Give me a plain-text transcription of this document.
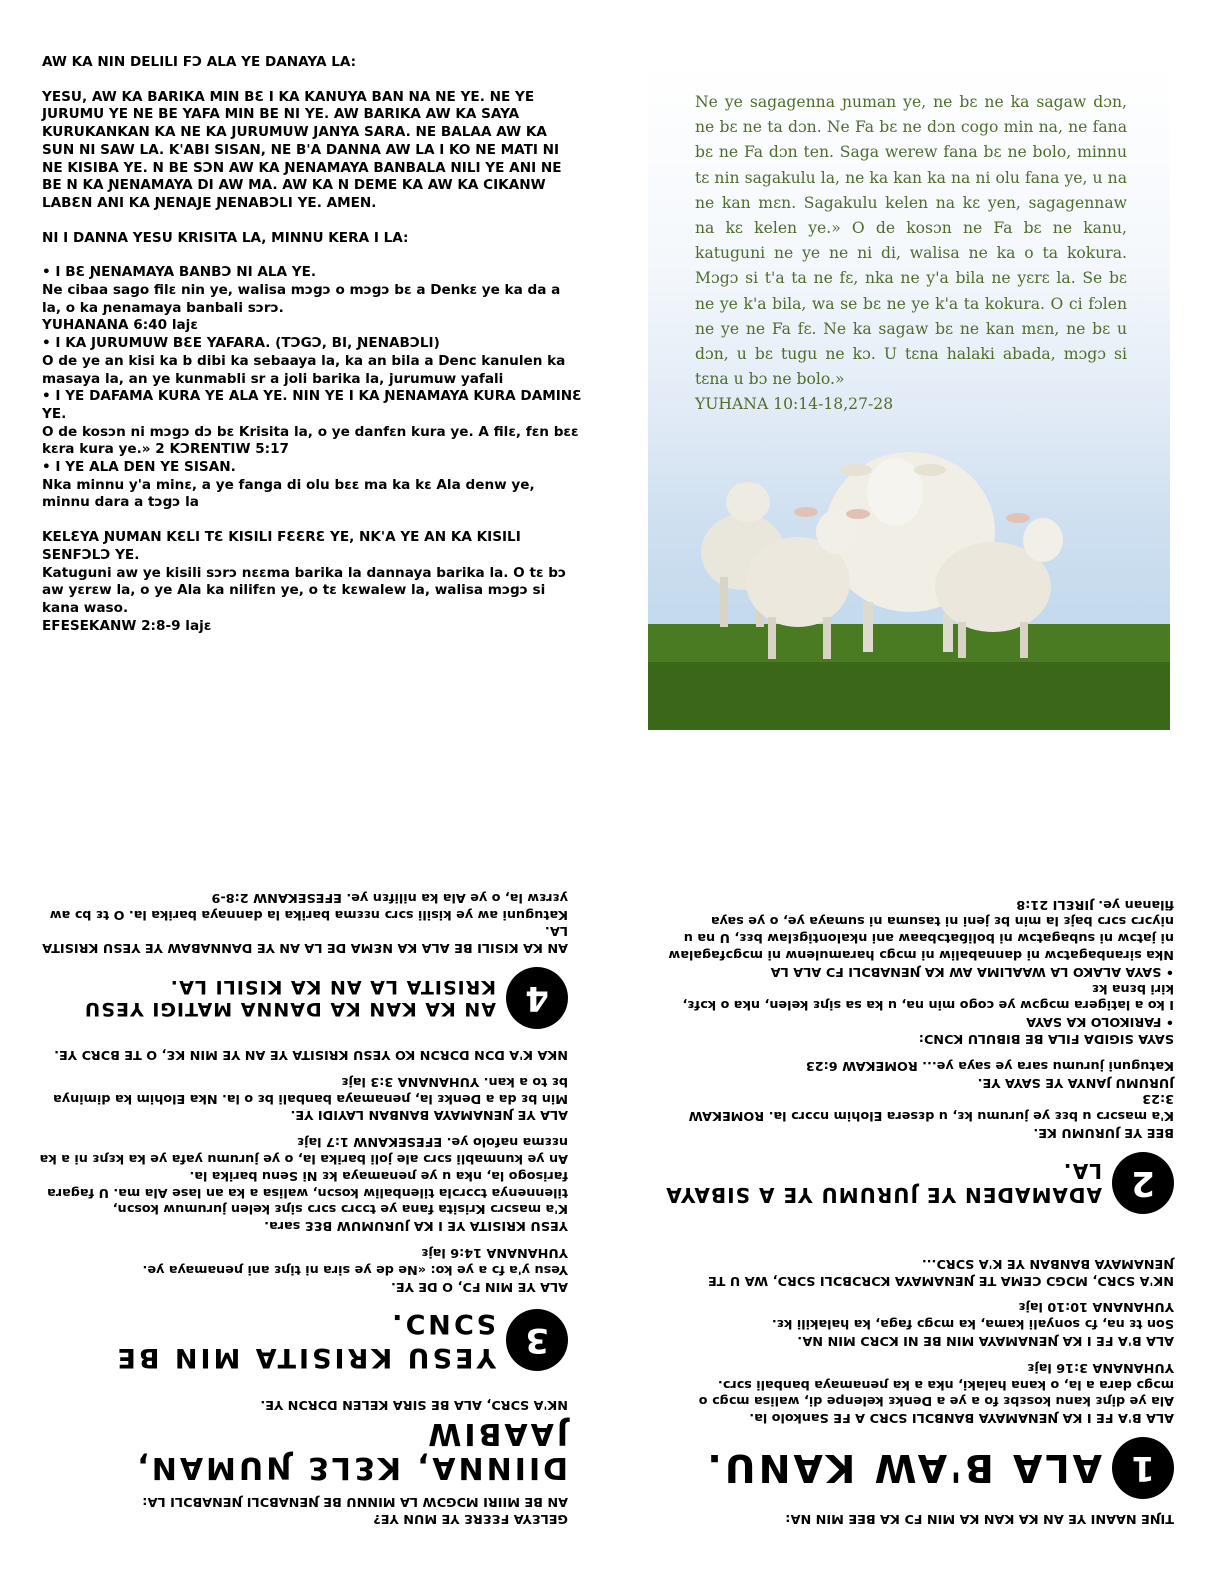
AW KA NIN DELILI FƆ ALA YE DANAYA LA:

YESU, AW KA BARIKA MIN BƐ I KA KANUYA BAN NA NE YE. NE YE JURUMU YE NE BE YAFA MIN BE NI YE. AW BARIKA AW KA SAYA KURUKANKAN KA NE KA JURUMUW JANYA SARA. NE BALAA AW KA SUN NI SAW LA. K'ABI SISAN, NE B'A DANNA AW LA I KO NE MATI NI NE KISIBA YE. N BE SƆN AW KA ƝENAMAYA BANBALA NILI YE ANI NE BE N KA ƝENAMAYA DI AW MA. AW KA N DEME KA AW KA CIKANW LABƐN ANI KA ƝENAJE ƝENABƆLI YE. AMEN.

NI I DANNA YESU KRISITA LA, MINNU KERA I LA:

• I BƐ ƝENAMAYA BANBƆ NI ALA YE.

Ne cibaa sago filɛ nin ye, walisa mɔgɔ o mɔgɔ bɛ a Denkɛ ye ka da a la, o ka ɲenamaya banbali sɔrɔ.

YUHANANA 6:40 lajɛ

• I KA JURUMUW BƐE YAFARA. (TƆGƆ, BI, ƝENABƆLI)

O de ye an kisi ka b dibi ka sebaaya la, ka an bila a Denc kanulen ka masaya la, an ye kunmabli sr a joli barika la, jurumuw yafali

• I YE DAFAMA KURA YE ALA YE. NIN YE I KA ƝENAMAYA KURA DAMINƐ YE.

O de kosɔn ni mɔgɔ dɔ bɛ Krisita la, o ye danfɛn kura ye. A filɛ, fɛn bɛɛ kɛra kura ye.» 2 KƆRENTIW 5:17

• I YE ALA DEN YE SISAN.

Nka minnu y'a minɛ, a ye fanga di olu bɛɛ ma ka kɛ Ala denw ye, minnu dara a tɔgɔ la

KELƐYA ƝUMAN KƐLI TƐ KISILI FƐƐRƐ YE, NK'A YE AN KA KISILI SENFƆLƆ YE.

Katuguni aw ye kisili sɔrɔ nɛɛma barika la dannaya barika la. O tɛ bɔ aw yɛrɛw la, o ye Ala ka nilifɛn ye, o tɛ kɛwalew la, walisa mɔgɔ si kana waso.

EFESEKANW 2:8-9 lajɛ

Ne ye sagagenna ɲuman ye, ne bɛ ne ka sagaw dɔn, ne bɛ ne ta dɔn. Ne Fa bɛ ne dɔn cogo min na, ne fana bɛ ne Fa dɔn ten. Saga werew fana bɛ ne bolo, minnu tɛ nin sagakulu la, ne ka kan ka na ni olu fana ye, u na ne kan mɛn. Sagakulu kelen na kɛ yen, sagagennaw na kɛ kelen ye.» O de kosɔn ne Fa bɛ ne kanu, katuguni ne ye ne ni di, walisa ne ka o ta kokura. Mɔgɔ si t'a ta ne fɛ, nka ne y'a bila ne yɛrɛ la. Se bɛ ne ye k'a bila, wa se bɛ ne ye k'a ta kokura. O ci fɔlen ne ye ne Fa fɛ. Ne ka sagaw bɛ ne kan mɛn, ne bɛ u dɔn, u bɛ tugu ne kɔ. U tɛna halaki abada, mɔgɔ si tɛna u bɔ ne bolo.»
YUHANA 10:14-18,27-28

GELƐYA FƐƐRƐ YE MUN YE?

AN BE MIIRI MƆGƆW LA MINNU BE ƝENABƆLI ƝENABƆLI LA:

DIINNA, KƐLƐ ƝUMAN, JAABIW

NK'A SƆRƆ, ALA BE SIRA KELEN DƆRƆN YE.

3
YESU KRISITA MIN BE SƆNƆ.

ALA YE MIN FƆ, O DE YE.

Yesu y'a fɔ a ye ko: «Ne de ye sira ni tiɲɛ ani ɲenamaya ye.

YUHANANA 14:6 lajɛ

YESU KRISITA YE I KA JURUMUW BƐƐ sara.

K'a masɔrɔ Krisita fana ye tɔɔrɔ sɔrɔ siɲɛ kelen jurumuw kosɔn, tilennenya tɔɔrɔla tilenbaliw kosɔn, walisa a ka an lase Ala ma. U fagara farisogo la, nka u ye ɲenamaya kɛ Ni Senu barika la.

An ye kunmabli sɔrɔ ale joli barika la, o ye jurumu yafa ye ka kɛɲɛ ni a ka nɛɛma nafolo ye. EFESEKANW 1:7 lajɛ

ALA YE ƝENAMAYA BANBAN LAYIDI YE.

Min bɛ da a Denkɛ la, ɲenamaya banbali bɛ o la. Nka Elohim ka diminya bɛ to a kan. YUHANANA 3:3 lajɛ

NKA K'A DƆN DƆRƆN KO YESU KRISITA YE AN YE MIN KƐ, O TE BƆRƆ YE.

4
AN KA KAN KA DANNA MATIGI YESU KRISITA LA AN KA KISILI LA.

AN KA KISILI BE ALA KA NƐMA DE LA AN YE DANNABAW YE YESU KRISITA LA.

Katuguni aw ye kisili sɔrɔ nɛɛma barika la dannaya barika la. O tɛ bɔ aw yɛrɛw la, o ye Ala ka nilifɛn ye. EFESEKANW 2:8-9

TIƝE NAANI YE AN KA KAN KA MIN FƆ KA BEE MIN NA:

1
ALA B'AW KANU.

ALA B'A FE I KA ƝENAMAYA BANBƆLI SƆRƆ A FE Sankolo la.

Ala ye diɲɛ kanu kosɛbɛ fo a ye a Denkɛ kelenpe di, walisa mɔgɔ o mɔgɔ dara a la, o kana halaki, nka a ka ɲenamaya banbali sɔrɔ. YUHANANA 3:16 lajɛ

ALA B'A FE I KA ƝENAMAYA MIN BE NI KƆRƆ MIN NA.

Son tɛ na, fɔ sonyali kama, ka mɔgɔ faga, ka halakili kɛ.

YUHANANA 10:10 lajɛ

NK'A SƆRƆ, MƆGƆ CEMA TE ƝENAMAYA KƆRƆBƆLI SƆRƆ, WA U TE ƝENAMAYA BANBAN YE K'A SƆRƆ...

2
ADAMADEN YE JURUMU YE A SIBAYA LA.

BEE YE JURUMU KE.

K'a masɔrɔ u bɛɛ ye jurumu kɛ, u dɛsera Elohim nɔɔrɔ la. ROMEKAW 3:23

JURUMU JANYA YE SAYA YE.

Katuguni jurumu sara ye saya ye... ROMEKAW 6:23

SAYA SIGIDA FILA BE BIBULU KƆNƆ:

• FARIKOLO KA SAYA

I ko a latigera mɔgɔw ye cogo min na, u ka sa siɲɛ kelen, nka o kɔfɛ, kiri bɛna kɛ

• SAYA ALAKO LA WAALIMA AW KA ƝENABƆLI FƆ ALA LA

Nka siranbagatɔw ni dannabaliw ni mɔgɔ haramulenw ni mɔgɔfagalaw ni jatɔw ni subagatɔw ni boliɓatɔbaaw ani nkalontigɛlaw bɛɛ, U na u niyɔrɔ sɔrɔ bajɛ la min bɛ jeni ni tasuma ni sumaya ye, o ye saya filanan ye. JIRƐLI 21:8
